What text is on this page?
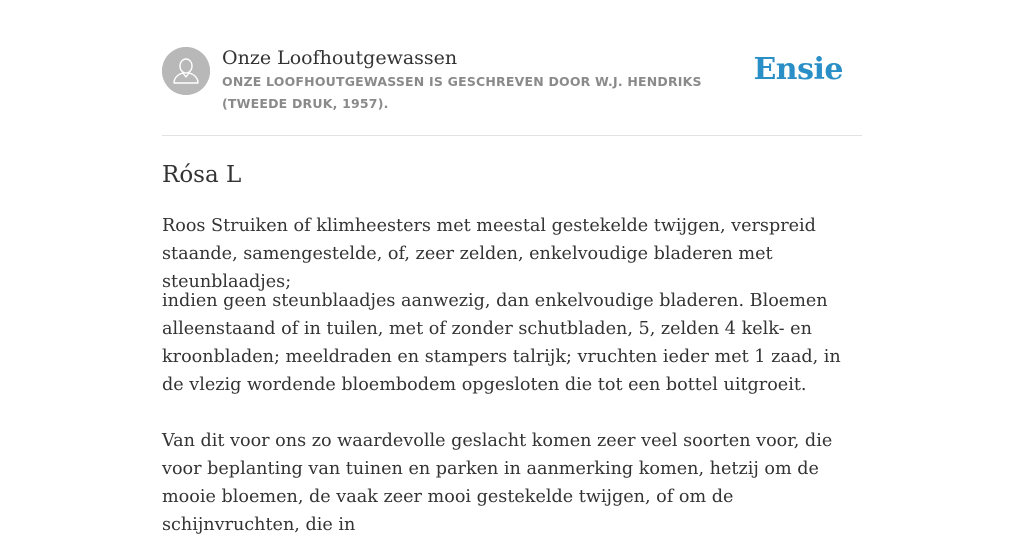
Onze Loofhoutgewassen
ONZE LOOFHOUTGEWASSEN IS GESCHREVEN DOOR W.J. HENDRIKS (TWEEDE DRUK, 1957).
Ensie
Rósa L

Roos Struiken of klimheesters met meestal gestekelde twijgen, verspreid staande, samengestelde, of, zeer zelden, enkelvoudige bladeren met steunblaadjes;

indien geen steunblaadjes aanwezig, dan enkelvoudige bladeren. Bloemen alleenstaand of in tuilen, met of zonder schutbladen, 5, zelden 4 kelk- en kroonbladen; meeldraden en stampers talrijk; vruchten ieder met 1 zaad, in de vlezig wordende bloembodem opgesloten die tot een bottel uitgroeit.

Van dit voor ons zo waardevolle geslacht komen zeer veel soorten voor, die voor beplanting van tuinen en parken in aanmerking komen, hetzij om de mooie bloemen, de vaak zeer mooi gestekelde twijgen, of om de schijnvruchten, die in
